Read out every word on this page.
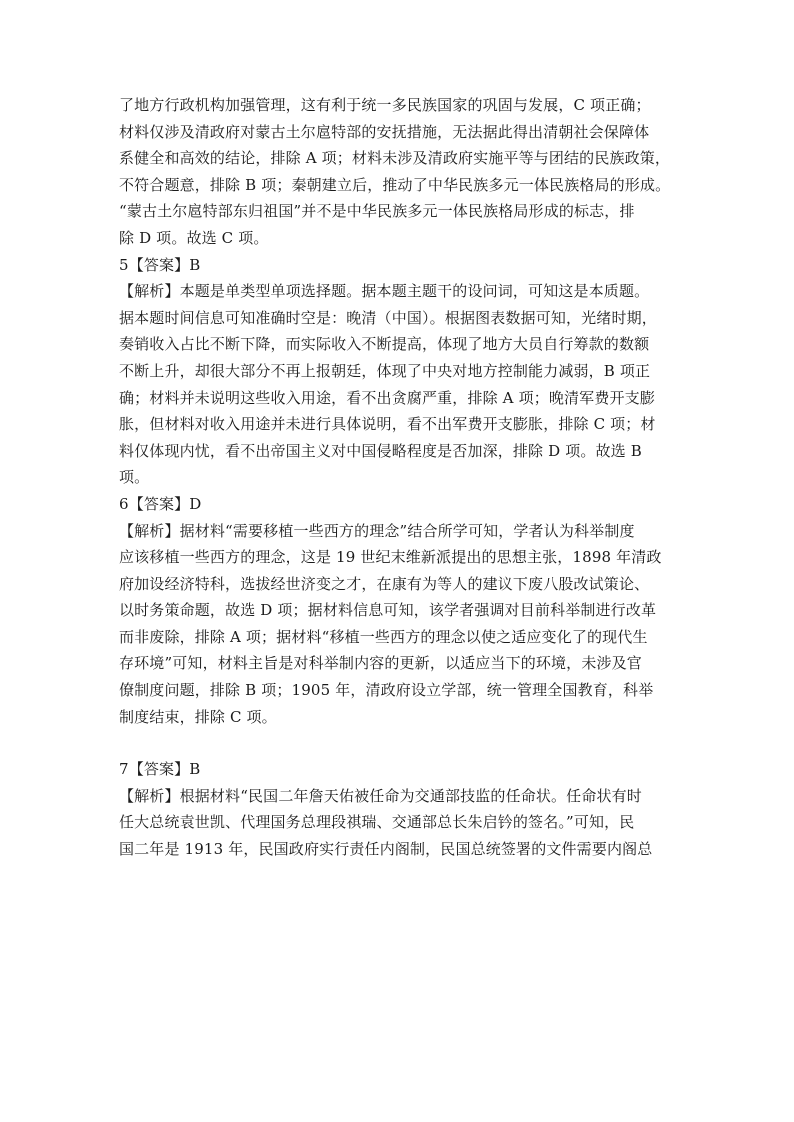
了地方行政机构加强管理，这有利于统一多民族国家的巩固与发展，C 项正确；
材料仅涉及清政府对蒙古土尔扈特部的安抚措施，无法据此得出清朝社会保障体
系健全和高效的结论，排除 A 项；材料未涉及清政府实施平等与团结的民族政策，
不符合题意，排除 B 项；秦朝建立后，推动了中华民族多元一体民族格局的形成。
“蒙古土尔扈特部东归祖国”并不是中华民族多元一体民族格局形成的标志，排
除 D 项。故选 C 项。
5【答案】B
【解析】本题是单类型单项选择题。据本题主题干的设问词，可知这是本质题。
据本题时间信息可知准确时空是：晚清（中国）。根据图表数据可知，光绪时期，
奏销收入占比不断下降，而实际收入不断提高，体现了地方大员自行筹款的数额
不断上升，却很大部分不再上报朝廷，体现了中央对地方控制能力减弱，B 项正
确；材料并未说明这些收入用途，看不出贪腐严重，排除 A 项；晚清军费开支膨
胀，但材料对收入用途并未进行具体说明，看不出军费开支膨胀，排除 C 项；材
料仅体现内忧，看不出帝国主义对中国侵略程度是否加深，排除 D 项。故选 B
项。
6【答案】D
【解析】据材料“需要移植一些西方的理念”结合所学可知，学者认为科举制度
应该移植一些西方的理念，这是 19 世纪末维新派提出的思想主张，1898 年清政
府加设经济特科，选拔经世济变之才，在康有为等人的建议下废八股改试策论、
以时务策命题，故选 D 项；据材料信息可知，该学者强调对目前科举制进行改革
而非废除，排除 A 项；据材料“移植一些西方的理念以使之适应变化了的现代生
存环境”可知，材料主旨是对科举制内容的更新，以适应当下的环境，未涉及官
僚制度问题，排除 B 项；1905 年，清政府设立学部，统一管理全国教育，科举
制度结束，排除 C 项。
7【答案】B
【解析】根据材料“民国二年詹天佑被任命为交通部技监的任命状。任命状有时
任大总统袁世凯、代理国务总理段祺瑞、交通部总长朱启钤的签名。”可知，民
国二年是 1913 年，民国政府实行责任内阁制，民国总统签署的文件需要内阁总
